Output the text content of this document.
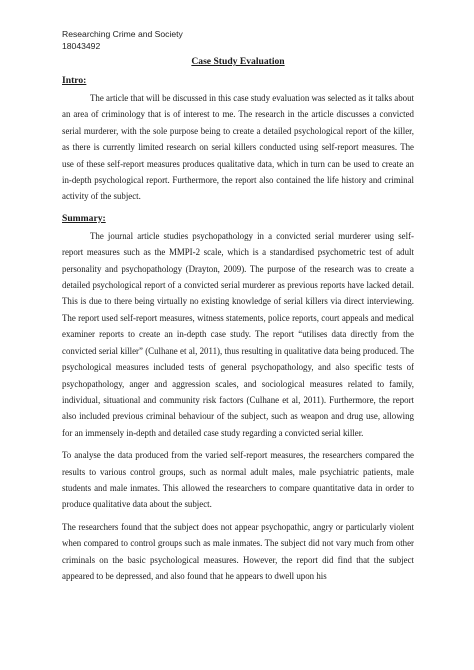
Researching Crime and Society
18043492
Case Study Evaluation
Intro:

The article that will be discussed in this case study evaluation was selected as it talks about an area of criminology that is of interest to me. The research in the article discusses a convicted serial murderer, with the sole purpose being to create a detailed psychological report of the killer, as there is currently limited research on serial killers conducted using self-report measures. The use of these self-report measures produces qualitative data, which in turn can be used to create an in-depth psychological report. Furthermore, the report also contained the life history and criminal activity of the subject.

Summary:

The journal article studies psychopathology in a convicted serial murderer using self-report measures such as the MMPI-2 scale, which is a standardised psychometric test of adult personality and psychopathology (Drayton, 2009). The purpose of the research was to create a detailed psychological report of a convicted serial murderer as previous reports have lacked detail. This is due to there being virtually no existing knowledge of serial killers via direct interviewing. The report used self-report measures, witness statements, police reports, court appeals and medical examiner reports to create an in-depth case study. The report “utilises data directly from the convicted serial killer” (Culhane et al, 2011), thus resulting in qualitative data being produced. The psychological measures included tests of general psychopathology, and also specific tests of psychopathology, anger and aggression scales, and sociological measures related to family, individual, situational and community risk factors (Culhane et al, 2011). Furthermore, the report also included previous criminal behaviour of the subject, such as weapon and drug use, allowing for an immensely in-depth and detailed case study regarding a convicted serial killer.

To analyse the data produced from the varied self-report measures, the researchers compared the results to various control groups, such as normal adult males, male psychiatric patients, male students and male inmates. This allowed the researchers to compare quantitative data in order to produce qualitative data about the subject.

The researchers found that the subject does not appear psychopathic, angry or particularly violent when compared to control groups such as male inmates. The subject did not vary much from other criminals on the basic psychological measures. However, the report did find that the subject appeared to be depressed, and also found that he appears to dwell upon his
